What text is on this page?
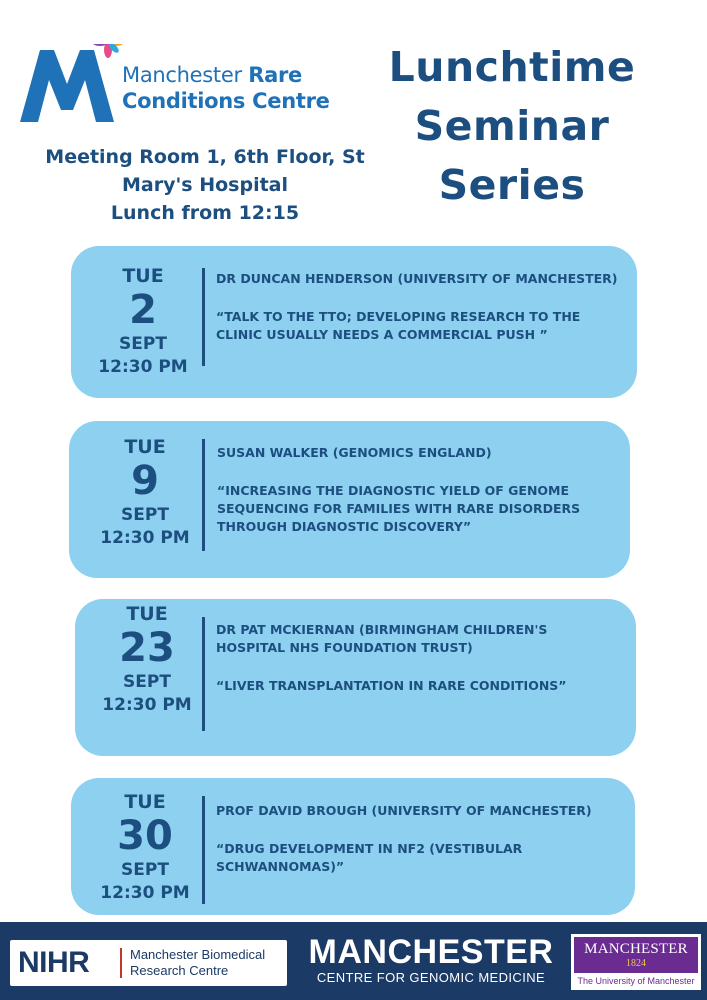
Manchester Rare
Conditions Centre
Meeting Room 1, 6th Floor, St
Mary's Hospital
Lunch from 12:15
Lunchtime
Seminar
Series
TUE
2
SEPT
12:30 PM
DR DUNCAN HENDERSON (UNIVERSITY OF MANCHESTER)
“TALK TO THE TTO; DEVELOPING RESEARCH TO THE CLINIC USUALLY NEEDS A COMMERCIAL PUSH ”
TUE
9
SEPT
12:30 PM
SUSAN WALKER (GENOMICS ENGLAND)
“INCREASING THE DIAGNOSTIC YIELD OF GENOME SEQUENCING FOR FAMILIES WITH RARE DISORDERS THROUGH DIAGNOSTIC DISCOVERY”
TUE
23
SEPT
12:30 PM
DR PAT MCKIERNAN (BIRMINGHAM CHILDREN'S HOSPITAL NHS FOUNDATION TRUST)
“LIVER TRANSPLANTATION IN RARE CONDITIONS”
TUE
30
SEPT
12:30 PM
PROF DAVID BROUGH (UNIVERSITY OF MANCHESTER)
“DRUG DEVELOPMENT IN NF2 (VESTIBULAR SCHWANNOMAS)”
NIHR	Manchester Biomedical
Research Centre	MANCHESTER
CENTRE FOR GENOMIC MEDICINE
MANCHESTER
1824
The University of Manchester
